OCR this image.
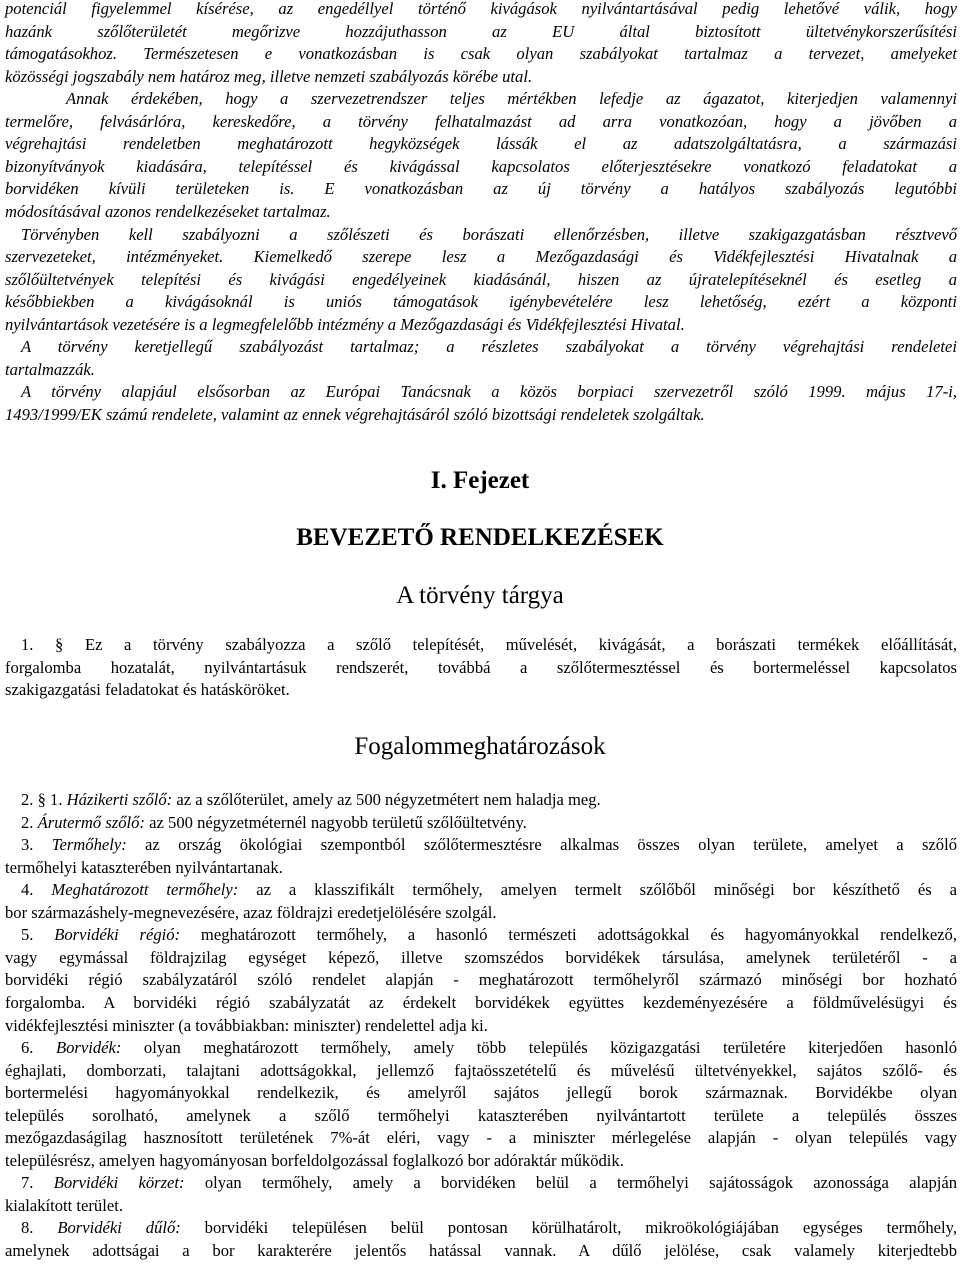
potenciál figyelemmel kísérése, az engedéllyel történő kivágások nyilvántartásával pedig lehetővé válik, hogy
hazánk szőlőterületét megőrizve hozzájuthasson az EU által biztosított ültetvénykorszerűsítési
támogatásokhoz. Természetesen e vonatkozásban is csak olyan szabályokat tartalmaz a tervezet, amelyeket
közösségi jogszabály nem határoz meg, illetve nemzeti szabályozás körébe utal.
Annak érdekében, hogy a szervezetrendszer teljes mértékben lefedje az ágazatot, kiterjedjen valamennyi
termelőre, felvásárlóra, kereskedőre, a törvény felhatalmazást ad arra vonatkozóan, hogy a jövőben a
végrehajtási rendeletben meghatározott hegyközségek lássák el az adatszolgáltatásra, a származási
bizonyítványok kiadására, telepítéssel és kivágással kapcsolatos előterjesztésekre vonatkozó feladatokat a
borvidéken kívüli területeken is. E vonatkozásban az új törvény a hatályos szabályozás legutóbbi
módosításával azonos rendelkezéseket tartalmaz.
Törvényben kell szabályozni a szőlészeti és borászati ellenőrzésben, illetve szakigazgatásban résztvevő
szervezeteket, intézményeket. Kiemelkedő szerepe lesz a Mezőgazdasági és Vidékfejlesztési Hivatalnak a
szőlőültetvények telepítési és kivágási engedélyeinek kiadásánál, hiszen az újratelepítéseknél és esetleg a
későbbiekben a kivágásoknál is uniós támogatások igénybevételére lesz lehetőség, ezért a központi
nyilvántartások vezetésére is a legmegfelelőbb intézmény a Mezőgazdasági és Vidékfejlesztési Hivatal.
A törvény keretjellegű szabályozást tartalmaz; a részletes szabályokat a törvény végrehajtási rendeletei
tartalmazzák.
A törvény alapjául elsősorban az Európai Tanácsnak a közös borpiaci szervezetről szóló 1999. május 17-i,
1493/1999/EK számú rendelete, valamint az ennek végrehajtásáról szóló bizottsági rendeletek szolgáltak.
I. Fejezet
BEVEZETŐ RENDELKEZÉSEK
A törvény tárgya
1. § Ez a törvény szabályozza a szőlő telepítését, művelését, kivágását, a borászati termékek előállítását,
forgalomba hozatalát, nyilvántartásuk rendszerét, továbbá a szőlőtermesztéssel és bortermeléssel kapcsolatos
szakigazgatási feladatokat és hatásköröket.
Fogalommeghatározások
2. § 1. Házikerti szőlő: az a szőlőterület, amely az 500 négyzetmétert nem haladja meg.
2. Árutermő szőlő: az 500 négyzetméternél nagyobb területű szőlőültetvény.
3. Termőhely: az ország ökológiai szempontból szőlőtermesztésre alkalmas összes olyan területe, amelyet a szőlő
termőhelyi kataszterében nyilvántartanak.
4. Meghatározott termőhely: az a klasszifikált termőhely, amelyen termelt szőlőből minőségi bor készíthető és a
bor származáshely-megnevezésére, azaz földrajzi eredetjelölésére szolgál.
5. Borvidéki régió: meghatározott termőhely, a hasonló természeti adottságokkal és hagyományokkal rendelkező,
vagy egymással földrajzilag egységet képező, illetve szomszédos borvidékek társulása, amelynek területéről - a
borvidéki régió szabályzatáról szóló rendelet alapján - meghatározott termőhelyről származó minőségi bor hozható
forgalomba. A borvidéki régió szabályzatát az érdekelt borvidékek együttes kezdeményezésére a földművelésügyi és
vidékfejlesztési miniszter (a továbbiakban: miniszter) rendelettel adja ki.
6. Borvidék: olyan meghatározott termőhely, amely több település közigazgatási területére kiterjedően hasonló
éghajlati, domborzati, talajtani adottságokkal, jellemző fajtaösszetételű és művelésű ültetvényekkel, sajátos szőlő- és
bortermelési hagyományokkal rendelkezik, és amelyről sajátos jellegű borok származnak. Borvidékbe olyan
település sorolható, amelynek a szőlő termőhelyi kataszterében nyilvántartott területe a település összes
mezőgazdaságilag hasznosított területének 7%-át eléri, vagy - a miniszter mérlegelése alapján - olyan település vagy
településrész, amelyen hagyományosan borfeldolgozással foglalkozó bor adóraktár működik.
7. Borvidéki körzet: olyan termőhely, amely a borvidéken belül a termőhelyi sajátosságok azonossága alapján
kialakított terület.
8. Borvidéki dűlő: borvidéki településen belül pontosan körülhatárolt, mikroökológiájában egységes termőhely,
amelynek adottságai a bor karakterére jelentős hatással vannak. A dűlő jelölése, csak valamely kiterjedtebb
